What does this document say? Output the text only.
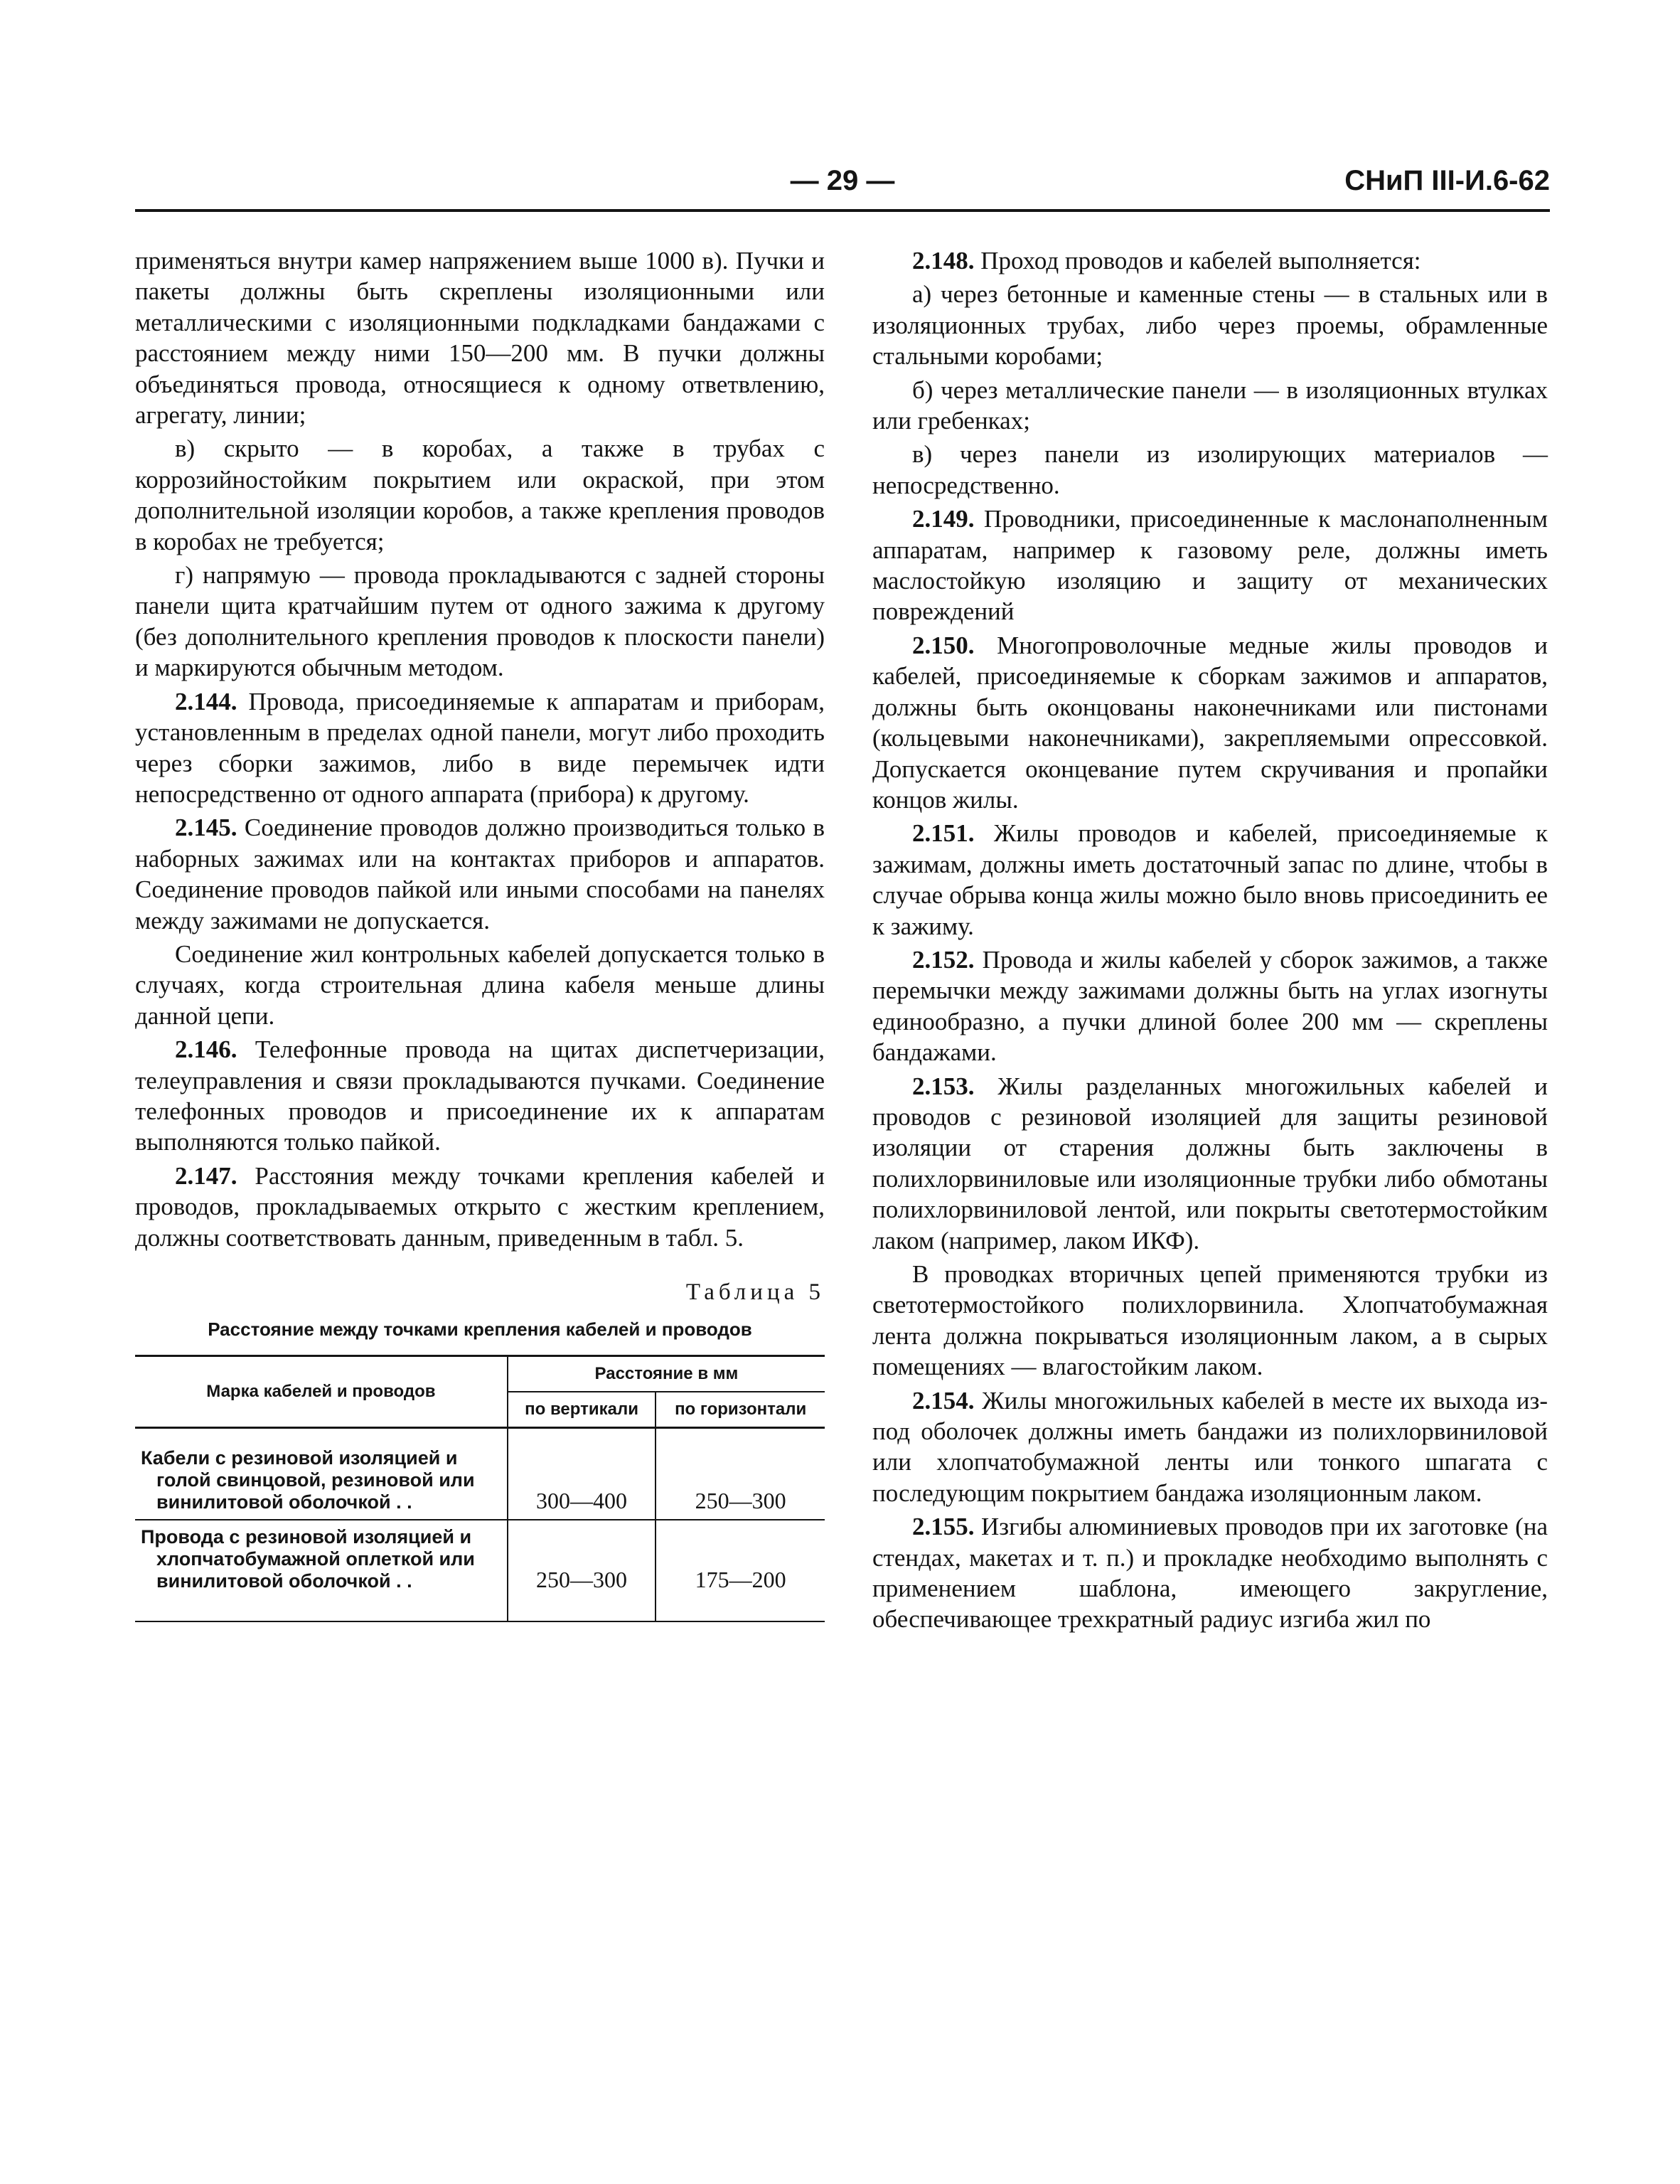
— 29 —	СНиП III-И.6-62

применяться внутри камер напряжением выше 1000 в). Пучки и пакеты должны быть скреплены изоляционными или металлическими с изоляционными подкладками бандажами с расстоянием между ними 150—200 мм. В пучки должны объединяться провода, относящиеся к одному ответвлению, агрегату, линии;

в) скрыто — в коробах, а также в трубах с коррозийностойким покрытием или окраской, при этом дополнительной изоляции коробов, а также крепления проводов в коробах не требуется;

г) напрямую — провода прокладываются с задней стороны панели щита кратчайшим путем от одного зажима к другому (без дополнительного крепления проводов к плоскости панели) и маркируются обычным методом.

2.144. Провода, присоединяемые к аппаратам и приборам, установленным в пределах одной панели, могут либо проходить через сборки зажимов, либо в виде перемычек идти непосредственно от одного аппарата (прибора) к другому.

2.145. Соединение проводов должно производиться только в наборных зажимах или на контактах приборов и аппаратов. Соединение проводов пайкой или иными способами на панелях между зажимами не допускается.

Соединение жил контрольных кабелей допускается только в случаях, когда строительная длина кабеля меньше длины данной цепи.

2.146. Телефонные провода на щитах диспетчеризации, телеуправления и связи прокладываются пучками. Соединение телефонных проводов и присоединение их к аппаратам выполняются только пайкой.

2.147. Расстояния между точками крепления кабелей и проводов, прокладываемых открыто с жестким креплением, должны соответствовать данным, приведенным в табл. 5.

Таблица 5
Расстояние между точками крепления кабелей и проводов
Марка кабелей и проводов	Расстояние в мм	
	по вертикали	по горизонтали
Кабели с резиновой изоляцией и голой свинцовой, резиновой или винилитовой оболочкой . .	300—400	250—300
Провода с резиновой изоляцией и хлопчатобумажной оплеткой или винилитовой оболочкой . .	250—300	175—200

2.148. Проход проводов и кабелей выполняется:

а) через бетонные и каменные стены — в стальных или в изоляционных трубах, либо через проемы, обрамленные стальными коробами;

б) через металлические панели — в изоляционных втулках или гребенках;

в) через панели из изолирующих материалов — непосредственно.

2.149. Проводники, присоединенные к маслонаполненным аппаратам, например к газовому реле, должны иметь маслостойкую изоляцию и защиту от механических повреждений

2.150. Многопроволочные медные жилы проводов и кабелей, присоединяемые к сборкам зажимов и аппаратов, должны быть оконцованы наконечниками или пистонами (кольцевыми наконечниками), закрепляемыми опрессовкой. Допускается оконцевание путем скручивания и пропайки концов жилы.

2.151. Жилы проводов и кабелей, присоединяемые к зажимам, должны иметь достаточный запас по длине, чтобы в случае обрыва конца жилы можно было вновь присоединить ее к зажиму.

2.152. Провода и жилы кабелей у сборок зажимов, а также перемычки между зажимами должны быть на углах изогнуты единообразно, а пучки длиной более 200 мм — скреплены бандажами.

2.153. Жилы разделанных многожильных кабелей и проводов с резиновой изоляцией для защиты резиновой изоляции от старения должны быть заключены в полихлорвиниловые или изоляционные трубки либо обмотаны полихлорвиниловой лентой, или покрыты светотермостойким лаком (например, лаком ИКФ).

В проводках вторичных цепей применяются трубки из светотермостойкого полихлорвинила. Хлопчатобумажная лента должна покрываться изоляционным лаком, а в сырых помещениях — влагостойким лаком.

2.154. Жилы многожильных кабелей в месте их выхода из-под оболочек должны иметь бандажи из полихлорвиниловой или хлопчатобумажной ленты или тонкого шпагата с последующим покрытием бандажа изоляционным лаком.

2.155. Изгибы алюминиевых проводов при их заготовке (на стендах, макетах и т. п.) и прокладке необходимо выполнять с применением шаблона, имеющего закругление, обеспечивающее трехкратный радиус изгиба жил по
